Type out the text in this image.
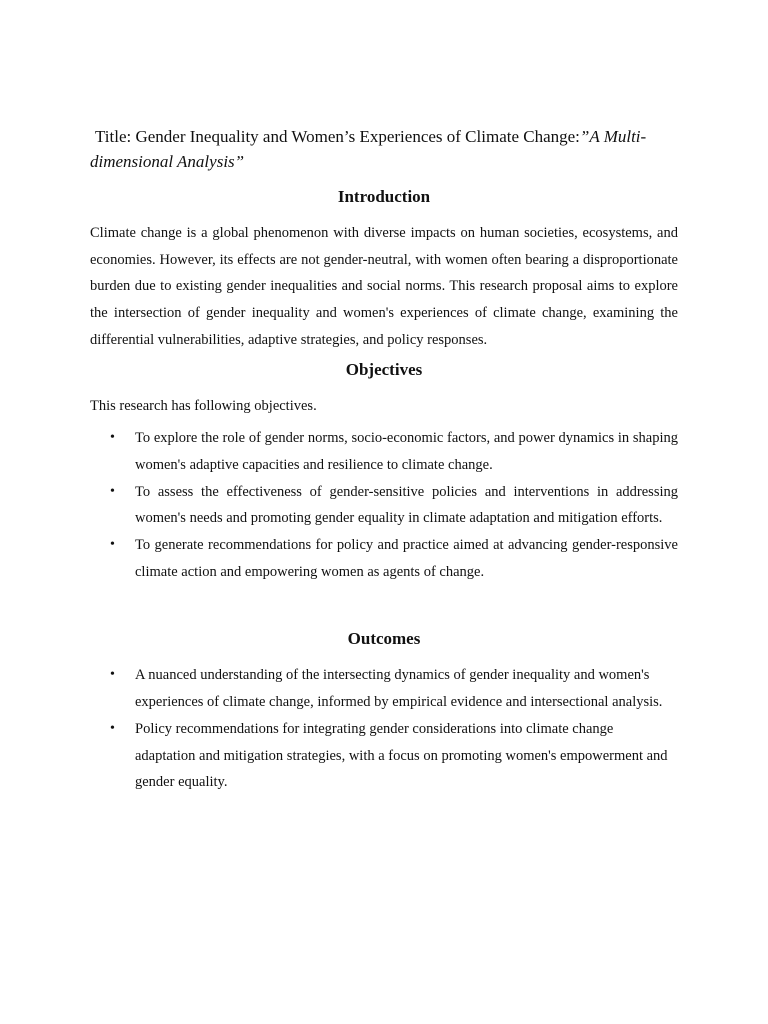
Title: Gender Inequality and Women’s Experiences of Climate Change:”A Multi-
dimensional Analysis”
Introduction

Climate change is a global phenomenon with diverse impacts on human societies, ecosystems, and economies. However, its effects are not gender-neutral, with women often bearing a disproportionate burden due to existing gender inequalities and social norms. This research proposal aims to explore the intersection of gender inequality and women's experiences of climate change, examining the differential vulnerabilities, adaptive strategies, and policy responses.

Objectives

This research has following objectives.

• To explore the role of gender norms, socio-economic factors, and power dynamics in shaping women's adaptive capacities and resilience to climate change.
• To assess the effectiveness of gender-sensitive policies and interventions in addressing women's needs and promoting gender equality in climate adaptation and mitigation efforts.
• To generate recommendations for policy and practice aimed at advancing gender-responsive climate action and empowering women as agents of change.
Outcomes
• A nuanced understanding of the intersecting dynamics of gender inequality and women's experiences of climate change, informed by empirical evidence and intersectional analysis.
• Policy recommendations for integrating gender considerations into climate change adaptation and mitigation strategies, with a focus on promoting women's empowerment and gender equality.
